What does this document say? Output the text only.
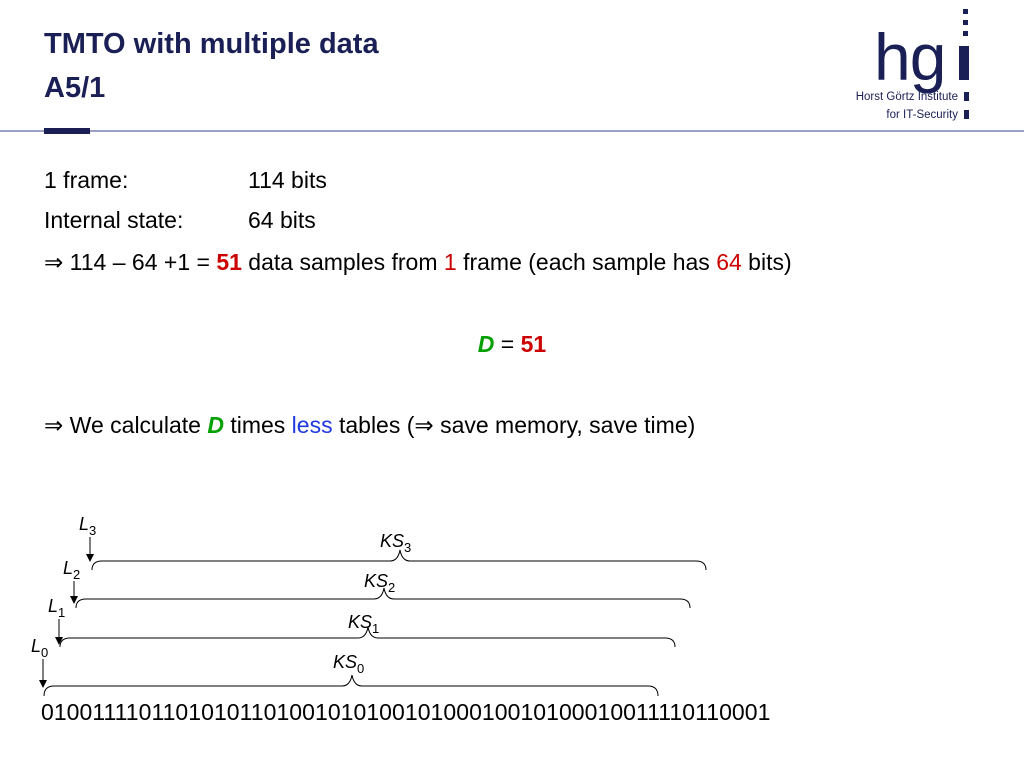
TMTO with multiple data
A5/1	hg
Horst Görtz Institute
for IT-Security
1 frame:	114 bits
Internal state:	64 bits
⇒ 114 – 64 +1 = 51 data samples from 1 frame (each sample has 64 bits)
D = 51
⇒ We calculate D times less tables (⇒ save memory, save time)
$KS_3$
$KS_2$
$KS_1$
$KS_0$
$L_3$
$L_2$
$L_1$
$L_0$
0100111101101010110100101010010100010010100010011110110001
